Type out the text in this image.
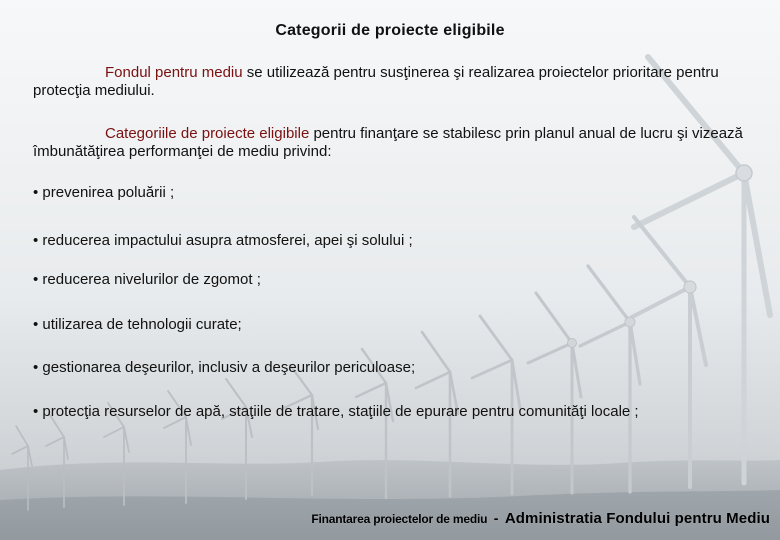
Categorii de proiecte eligibile
Fondul pentru mediu se utilizează pentru susţinerea şi realizarea proiectelor prioritare pentru protecţia mediului.
Categoriile de proiecte eligibile pentru finanţare se stabilesc prin planul anual de lucru şi vizează îmbunătăţirea performanţei de mediu privind:
• prevenirea poluării ;
• reducerea impactului asupra atmosferei, apei şi solului ;
• reducerea nivelurilor de zgomot ;
• utilizarea de tehnologii curate;
• gestionarea deşeurilor, inclusiv a deşeurilor periculoase;
• protecţia resurselor de apă, staţiile de tratare, staţiile de epurare pentru comunităţi locale ;
Finantarea proiectelor de mediu - Administratia Fondului pentru Mediu
